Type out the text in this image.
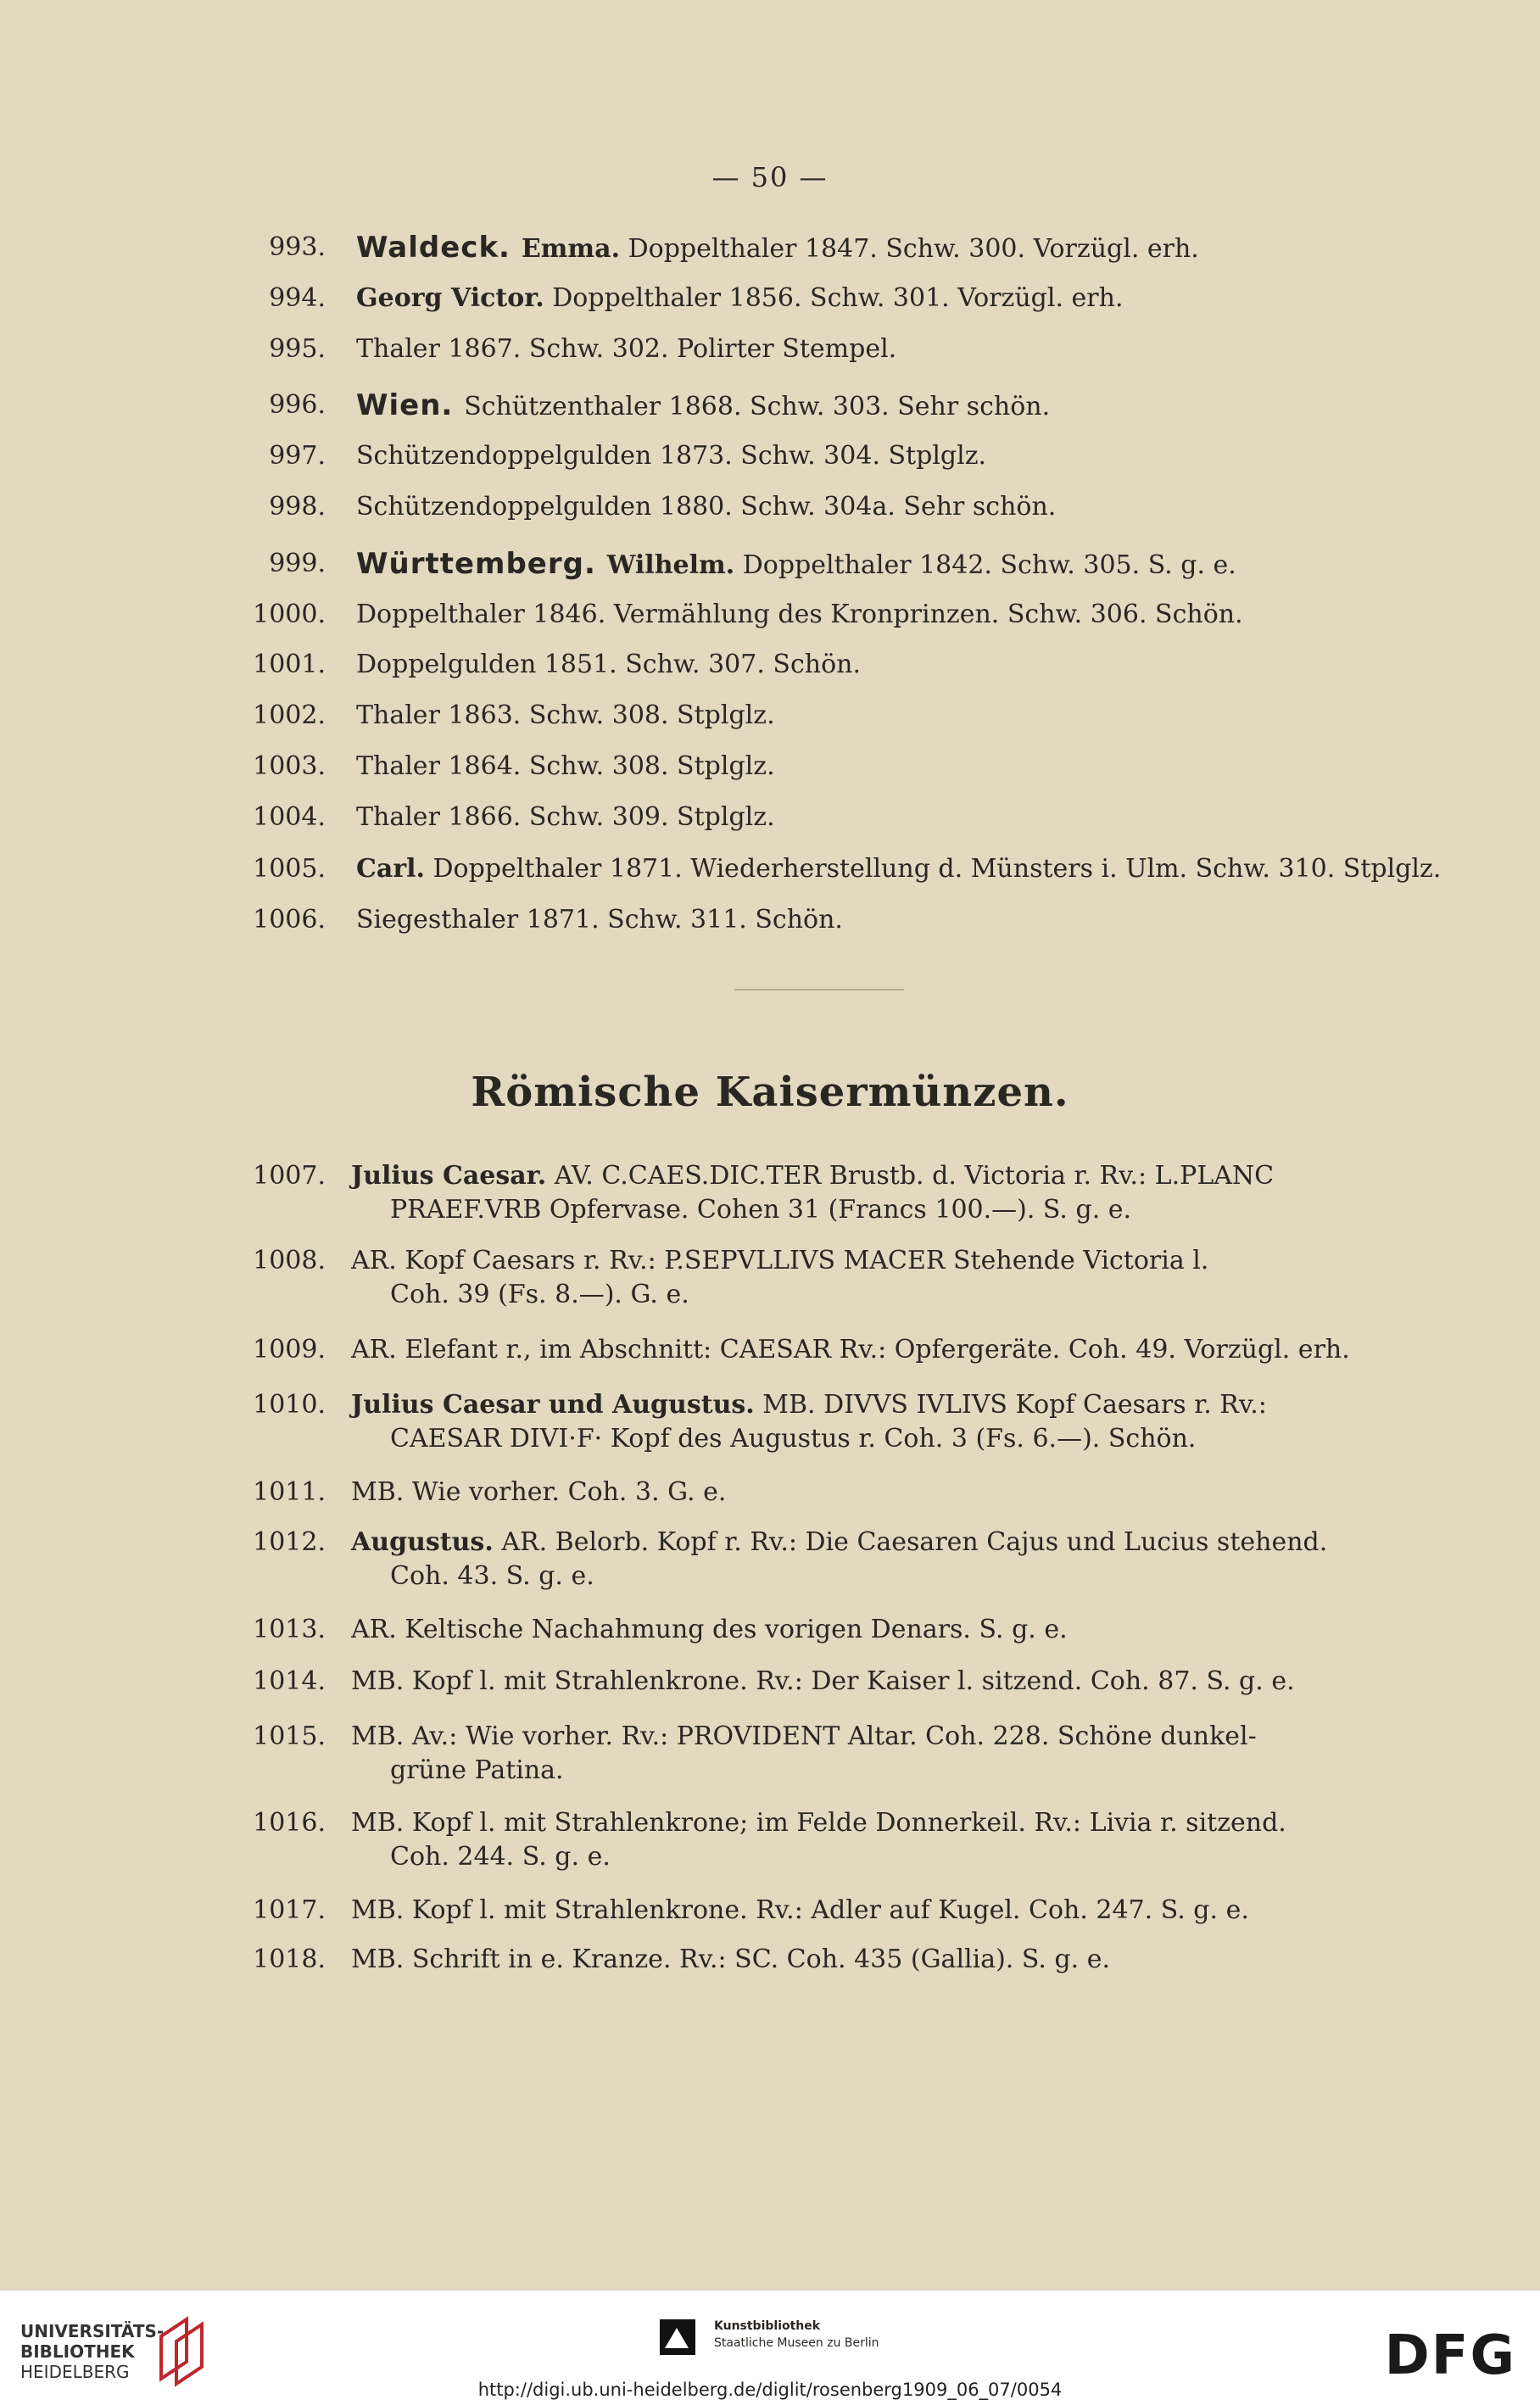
— 50 —
993. Waldeck. Emma. Doppelthaler 1847. Schw. 300. Vorzügl. erh.
994. Georg Victor. Doppelthaler 1856. Schw. 301. Vorzügl. erh.
995. Thaler 1867. Schw. 302. Polirter Stempel.
996. Wien. Schützenthaler 1868. Schw. 303. Sehr schön.
997. Schützendoppelgulden 1873. Schw. 304. Stplglz.
998. Schützendoppelgulden 1880. Schw. 304a. Sehr schön.
999. Württemberg. Wilhelm. Doppelthaler 1842. Schw. 305. S. g. e.
1000. Doppelthaler 1846. Vermählung des Kronprinzen. Schw. 306. Schön.
1001. Doppelgulden 1851. Schw. 307. Schön.
1002. Thaler 1863. Schw. 308. Stplglz.
1003. Thaler 1864. Schw. 308. Stplglz.
1004. Thaler 1866. Schw. 309. Stplglz.
1005. Carl. Doppelthaler 1871. Wiederherstellung d. Münsters i. Ulm. Schw. 310. Stplglz.
1006. Siegesthaler 1871. Schw. 311. Schön.
Römische Kaisermünzen.
1007. Julius Caesar. AV. C.CAES.DIC.TER Brustb. d. Victoria r. Rv.: L.PLANC
PRAEF.VRB Opfervase. Cohen 31 (Francs 100.—). S. g. e.
1008. AR. Kopf Caesars r. Rv.: P.SEPVLLIVS MACER Stehende Victoria l.
Coh. 39 (Fs. 8.—). G. e.
1009. AR. Elefant r., im Abschnitt: CAESAR Rv.: Opfergeräte. Coh. 49. Vorzügl. erh.
1010. Julius Caesar und Augustus. MB. DIVVS IVLIVS Kopf Caesars r. Rv.:
CAESAR DIVI·F· Kopf des Augustus r. Coh. 3 (Fs. 6.—). Schön.
1011. MB. Wie vorher. Coh. 3. G. e.
1012. Augustus. AR. Belorb. Kopf r. Rv.: Die Caesaren Cajus und Lucius stehend.
Coh. 43. S. g. e.
1013. AR. Keltische Nachahmung des vorigen Denars. S. g. e.
1014. MB. Kopf l. mit Strahlenkrone. Rv.: Der Kaiser l. sitzend. Coh. 87. S. g. e.
1015. MB. Av.: Wie vorher. Rv.: PROVIDENT Altar. Coh. 228. Schöne dunkel-
grüne Patina.
1016. MB. Kopf l. mit Strahlenkrone; im Felde Donnerkeil. Rv.: Livia r. sitzend.
Coh. 244. S. g. e.
1017. MB. Kopf l. mit Strahlenkrone. Rv.: Adler auf Kugel. Coh. 247. S. g. e.
1018. MB. Schrift in e. Kranze. Rv.: SC. Coh. 435 (Gallia). S. g. e.
UNIVERSITÄTS-
BIBLIOTHEK
HEIDELBERG
Kunstbibliothek
Staatliche Museen zu Berlin	DFG
http://digi.ub.uni-heidelberg.de/diglit/rosenberg1909_06_07/0054
